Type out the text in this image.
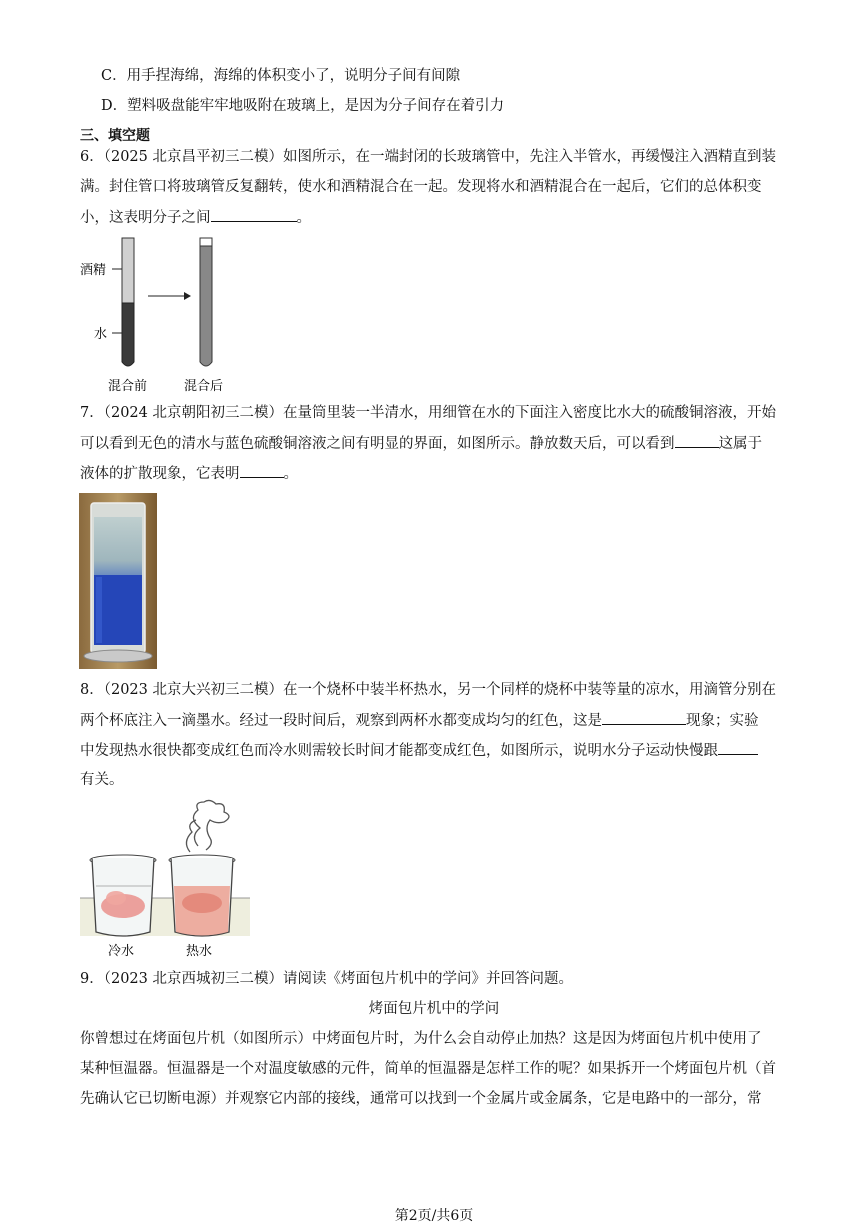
C．用手捏海绵，海绵的体积变小了，说明分子间有间隙
D．塑料吸盘能牢牢地吸附在玻璃上，是因为分子间存在着引力
三、填空题
6．（2025 北京昌平初三二模）如图所示，在一端封闭的长玻璃管中，先注入半管水，再缓慢注入酒精直到装
满。封住管口将玻璃管反复翻转，使水和酒精混合在一起。发现将水和酒精混合在一起后，它们的总体积变
小，这表明分子之间	。
酒精
水
混合前	混合后
7．（2024 北京朝阳初三二模）在量筒里装一半清水，用细管在水的下面注入密度比水大的硫酸铜溶液，开始
可以看到无色的清水与蓝色硫酸铜溶液之间有明显的界面，如图所示。静放数天后，可以看到	这属于
液体的扩散现象，它表明	。
8．（2023 北京大兴初三二模）在一个烧杯中装半杯热水，另一个同样的烧杯中装等量的凉水，用滴管分别在
两个杯底注入一滴墨水。经过一段时间后，观察到两杯水都变成均匀的红色，这是	现象；实验
中发现热水很快都变成红色而冷水则需较长时间才能都变成红色，如图所示，说明水分子运动快慢跟
有关。
冷水	热水
9．（2023 北京西城初三二模）请阅读《烤面包片机中的学问》并回答问题。
烤面包片机中的学问
你曾想过在烤面包片机（如图所示）中烤面包片时，为什么会自动停止加热？这是因为烤面包片机中使用了
某种恒温器。恒温器是一个对温度敏感的元件，简单的恒温器是怎样工作的呢？如果拆开一个烤面包片机（首
先确认它已切断电源）并观察它内部的接线，通常可以找到一个金属片或金属条，它是电路中的一部分，常
第2页/共6页
